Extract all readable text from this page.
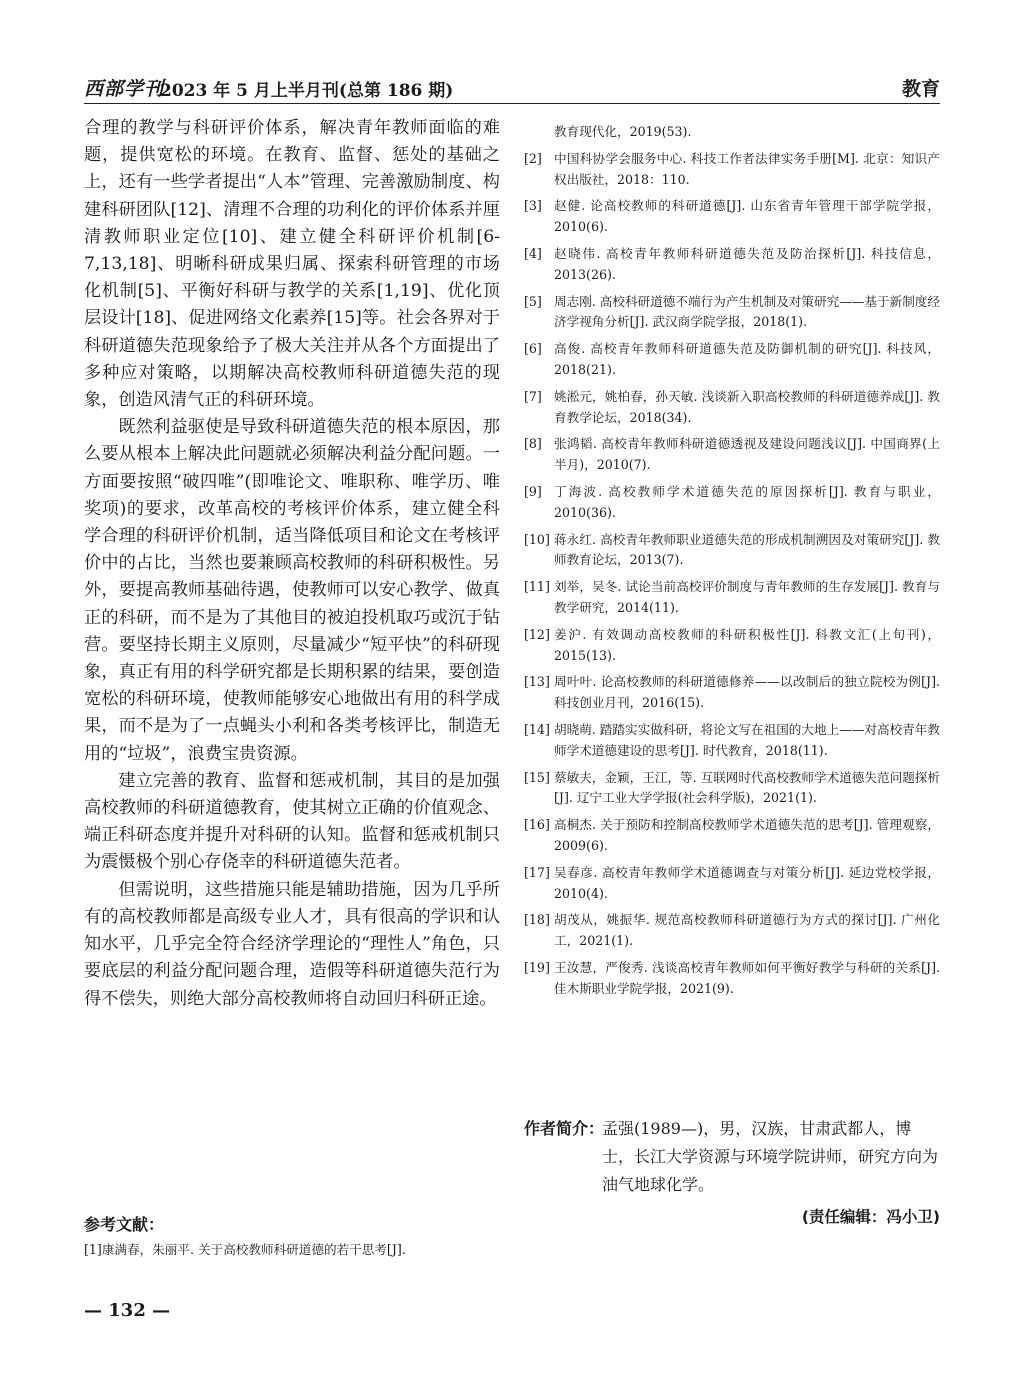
西部学刊
2023 年 5 月上半月刊(总第 186 期)	教育

合理的教学与科研评价体系，解决青年教师面临的难题，提供宽松的环境。在教育、监督、惩处的基础之上，还有一些学者提出“人本”管理、完善激励制度、构建科研团队[12]、清理不合理的功利化的评价体系并厘清教师职业定位[10]、建立健全科研评价机制[6-7,13,18]、明晰科研成果归属、探索科研管理的市场化机制[5]、平衡好科研与教学的关系[1,19]、优化顶层设计[18]、促进网络文化素养[15]等。社会各界对于科研道德失范现象给予了极大关注并从各个方面提出了多种应对策略，以期解决高校教师科研道德失范的现象，创造风清气正的科研环境。

既然利益驱使是导致科研道德失范的根本原因，那么要从根本上解决此问题就必须解决利益分配问题。一方面要按照“破四唯”(即唯论文、唯职称、唯学历、唯奖项)的要求，改革高校的考核评价体系，建立健全科学合理的科研评价机制，适当降低项目和论文在考核评价中的占比，当然也要兼顾高校教师的科研积极性。另外，要提高教师基础待遇，使教师可以安心教学、做真正的科研，而不是为了其他目的被迫投机取巧或沉于钻营。要坚持长期主义原则，尽量减少“短平快”的科研现象，真正有用的科学研究都是长期积累的结果，要创造宽松的科研环境，使教师能够安心地做出有用的科学成果，而不是为了一点蝇头小利和各类考核评比，制造无用的“垃圾”，浪费宝贵资源。

建立完善的教育、监督和惩戒机制，其目的是加强高校教师的科研道德教育，使其树立正确的价值观念、端正科研态度并提升对科研的认知。监督和惩戒机制只为震慑极个别心存侥幸的科研道德失范者。

但需说明，这些措施只能是辅助措施，因为几乎所有的高校教师都是高级专业人才，具有很高的学识和认知水平，几乎完全符合经济学理论的“理性人”角色，只要底层的利益分配问题合理，造假等科研道德失范行为得不偿失，则绝大部分高校教师将自动回归科研正途。

参考文献：
[1]康满春，朱丽平. 关于高校教师科研道德的若干思考[J].
教育现代化，2019(53).
[2] 中国科协学会服务中心. 科技工作者法律实务手册[M]. 北京：知识产权出版社，2018：110.
[3] 赵健. 论高校教师的科研道德[J]. 山东省青年管理干部学院学报，2010(6).
[4] 赵晓伟. 高校青年教师科研道德失范及防治探析[J]. 科技信息，2013(26).
[5] 周志刚. 高校科研道德不端行为产生机制及对策研究——基于新制度经济学视角分析[J]. 武汉商学院学报，2018(1).
[6] 高俊. 高校青年教师科研道德失范及防御机制的研究[J]. 科技风，2018(21).
[7] 姚淞元，姚柏春，孙天敏. 浅谈新入职高校教师的科研道德养成[J]. 教育教学论坛，2018(34).
[8] 张鸿韬. 高校青年教师科研道德透视及建设问题浅议[J]. 中国商界(上半月)，2010(7).
[9] 丁海波. 高校教师学术道德失范的原因探析[J]. 教育与职业，2010(36).
[10] 蒋永红. 高校青年教师职业道德失范的形成机制溯因及对策研究[J]. 教师教育论坛，2013(7).
[11] 刘举，吴冬. 试论当前高校评价制度与青年教师的生存发展[J]. 教育与教学研究，2014(11).
[12] 姜沪. 有效调动高校教师的科研积极性[J]. 科教文汇(上旬刊)，2015(13).
[13] 周叶叶. 论高校教师的科研道德修养——以改制后的独立院校为例[J]. 科技创业月刊，2016(15).
[14] 胡晓萌. 踏踏实实做科研，将论文写在祖国的大地上——对高校青年教师学术道德建设的思考[J]. 时代教育，2018(11).
[15] 蔡敏夫，金颖，王江，等. 互联网时代高校教师学术道德失范问题探析[J]. 辽宁工业大学学报(社会科学版)，2021(1).
[16] 高桐杰. 关于预防和控制高校教师学术道德失范的思考[J]. 管理观察，2009(6).
[17] 吴春彦. 高校青年教师学术道德调查与对策分析[J]. 延边党校学报，2010(4).
[18] 胡茂从，姚振华. 规范高校教师科研道德行为方式的探讨[J]. 广州化工，2021(1).
[19] 王汝慧，严俊秀. 浅谈高校青年教师如何平衡好教学与科研的关系[J]. 佳木斯职业学院学报，2021(9).
作者简介：
孟强(1989—)，男，汉族，甘肃武都人，博士，长江大学资源与环境学院讲师，研究方向为油气地球化学。
(责任编辑：冯小卫)
— 132 —
